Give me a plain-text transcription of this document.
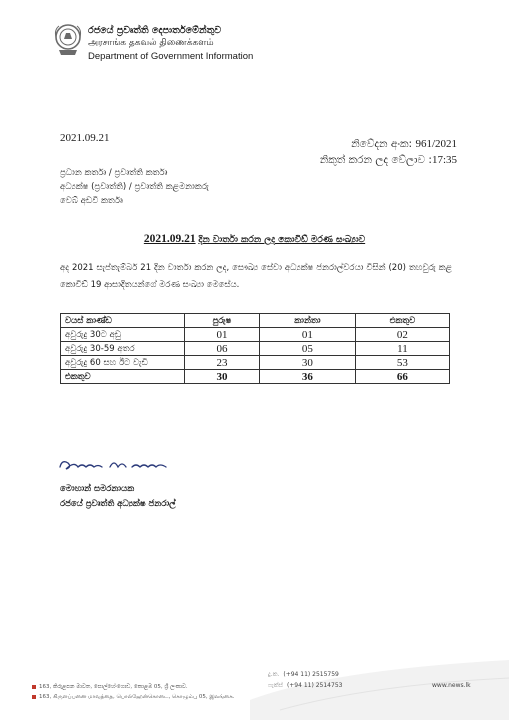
රජයේ ප්‍රවෘත්ති දෙපාර්තමේන්තුව
அரசாங்க தகவல் திணைக்களம்
Department of Government Information
2021.09.21	නිවේදන අංක: 961/2021
නිකුත් කරන ලද වේලාව :17:35
ප්‍රධාන කර්තෘ / ප්‍රවෘත්ති කර්තෘ
අධ්‍යක්ෂ (ප්‍රවෘත්ති) / ප්‍රවෘත්ති කළමනාකරු
වෙබ් අඩවි කර්තෘ
2021.09.21 දින වාර්තා කරන ලද කොවිඩ් මරණ සංඛ්‍යාව
අද 2021 සැප්තැම්බර් 21 දින වාර්තා කරන ලද, සෞඛ්‍ය සේවා අධ්‍යක්ෂ ජනරාල්වරයා විසින් (20) තහවුරු කළ කොවිඩ් 19 ආසාදිතයන්ගේ මරණ සංඛ්‍යා මෙසේය.
වයස් කාණ්ඩ	පුරුෂ	කාන්තා	එකතුව
අවුරුදු 30ට අඩු	01	01	02
අවුරුදු 30-59 අතර	06	05	11
අවුරුදු 60 සහ ඊට වැඩි	23	30	53
එකතුව	30	36	66
මොහාන් සමරනායක
රජයේ ප්‍රවෘත්ති අධ්‍යක්ෂ ජනරාල්
163, කිරුළපන මාවත, පොල්හේංගොඩ, කොළඹ 05, ශ්‍රී ලංකාව.
163, கிருளப்பனை மாவத்தை, பொல்ஹேன்கொடை, கொழும்பு 05, இலங்கை.
දු.ක. (+94 11) 2515759
ෆැක්ස් (+94 11) 2514753	www.news.lk
